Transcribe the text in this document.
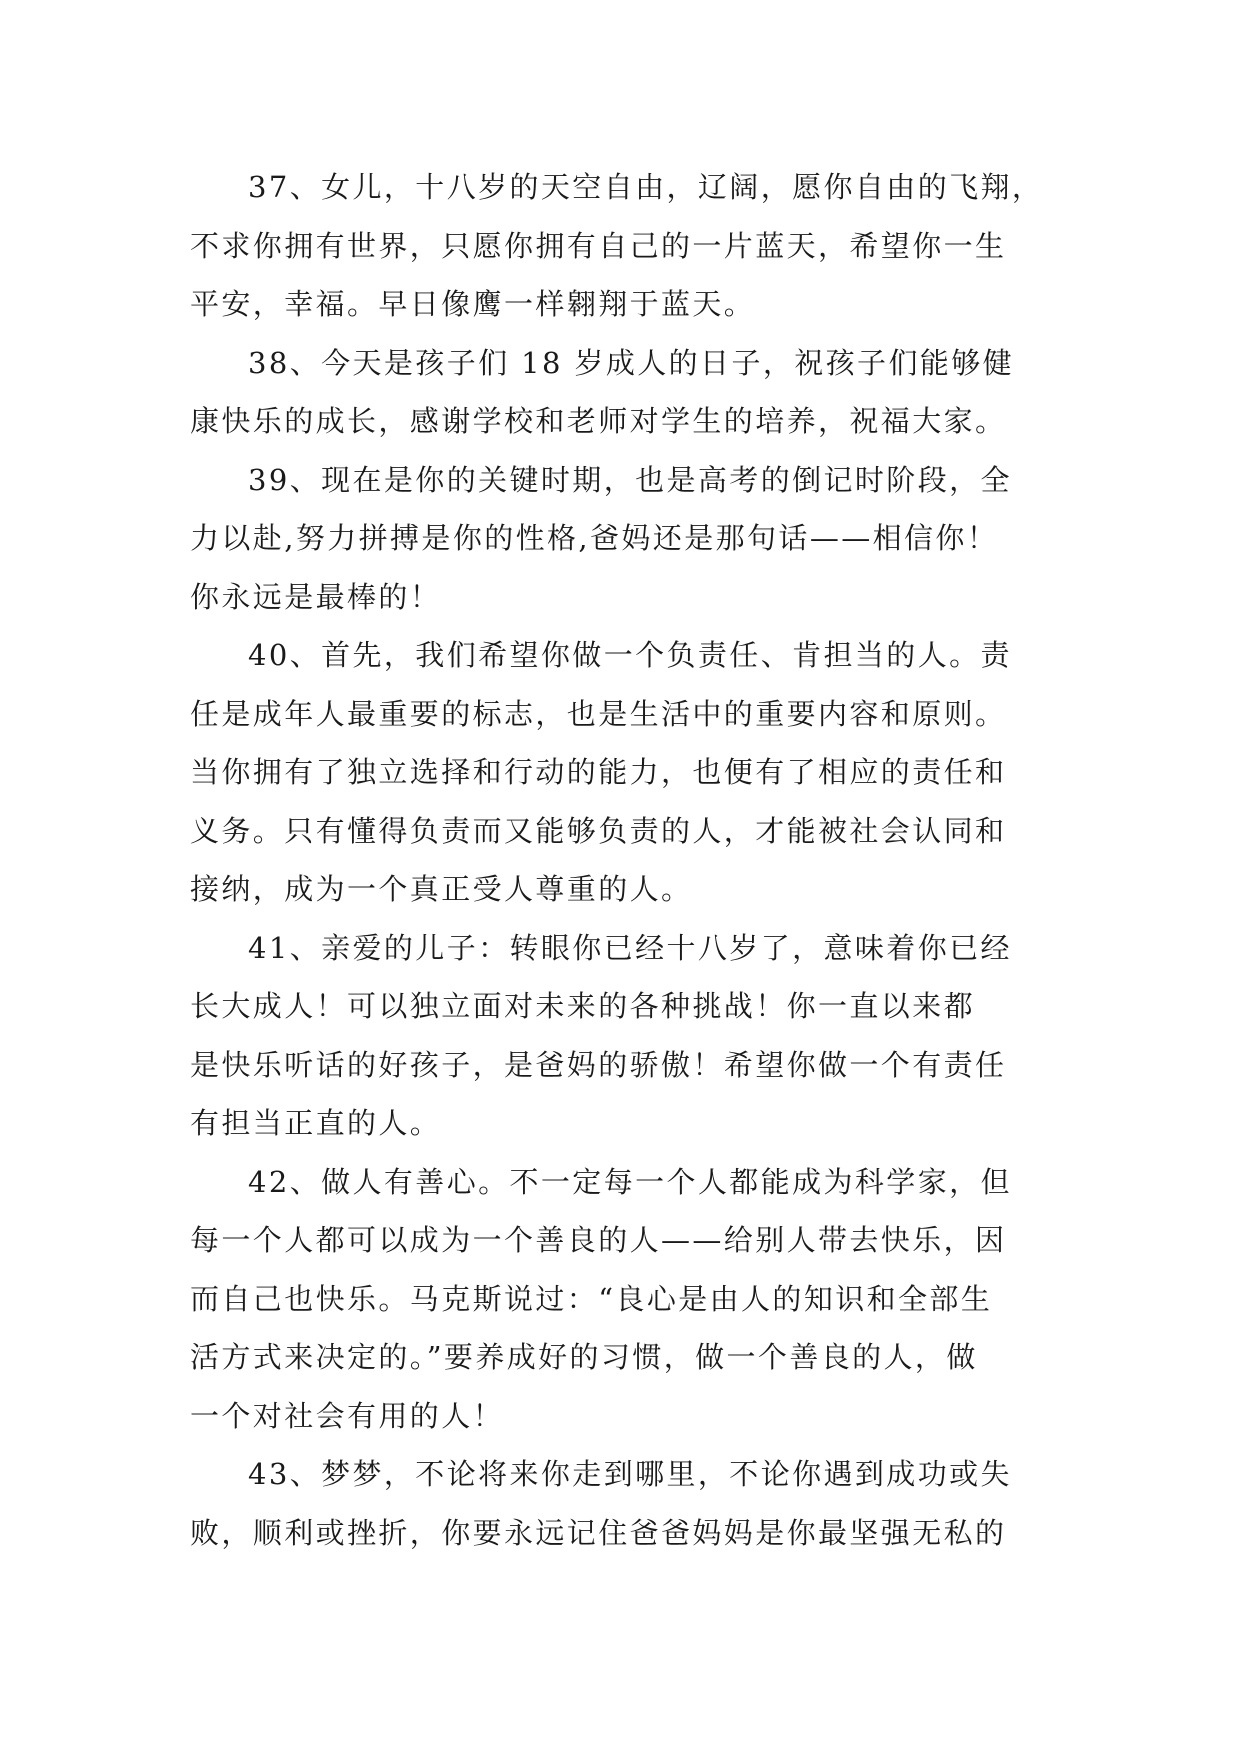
37、女儿，十八岁的天空自由，辽阔，愿你自由的飞翔，
不求你拥有世界，只愿你拥有自己的一片蓝天，希望你一生
平安，幸福。早日像鹰一样翱翔于蓝天。
38、今天是孩子们 18 岁成人的日子，祝孩子们能够健
康快乐的成长，感谢学校和老师对学生的培养，祝福大家。
39、现在是你的关键时期，也是高考的倒记时阶段，全
力以赴,努力拼搏是你的性格,爸妈还是那句话——相信你！
你永远是最棒的！
40、首先，我们希望你做一个负责任、肯担当的人。责
任是成年人最重要的标志，也是生活中的重要内容和原则。
当你拥有了独立选择和行动的能力，也便有了相应的责任和
义务。只有懂得负责而又能够负责的人，才能被社会认同和
接纳，成为一个真正受人尊重的人。
41、亲爱的儿子：转眼你已经十八岁了，意味着你已经
长大成人！可以独立面对未来的各种挑战！你一直以来都
是快乐听话的好孩子，是爸妈的骄傲！希望你做一个有责任
有担当正直的人。
42、做人有善心。不一定每一个人都能成为科学家，但
每一个人都可以成为一个善良的人——给别人带去快乐，因
而自己也快乐。马克斯说过：“良心是由人的知识和全部生
活方式来决定的。”要养成好的习惯，做一个善良的人，做
一个对社会有用的人！
43、梦梦，不论将来你走到哪里，不论你遇到成功或失
败，顺利或挫折，你要永远记住爸爸妈妈是你最坚强无私的
